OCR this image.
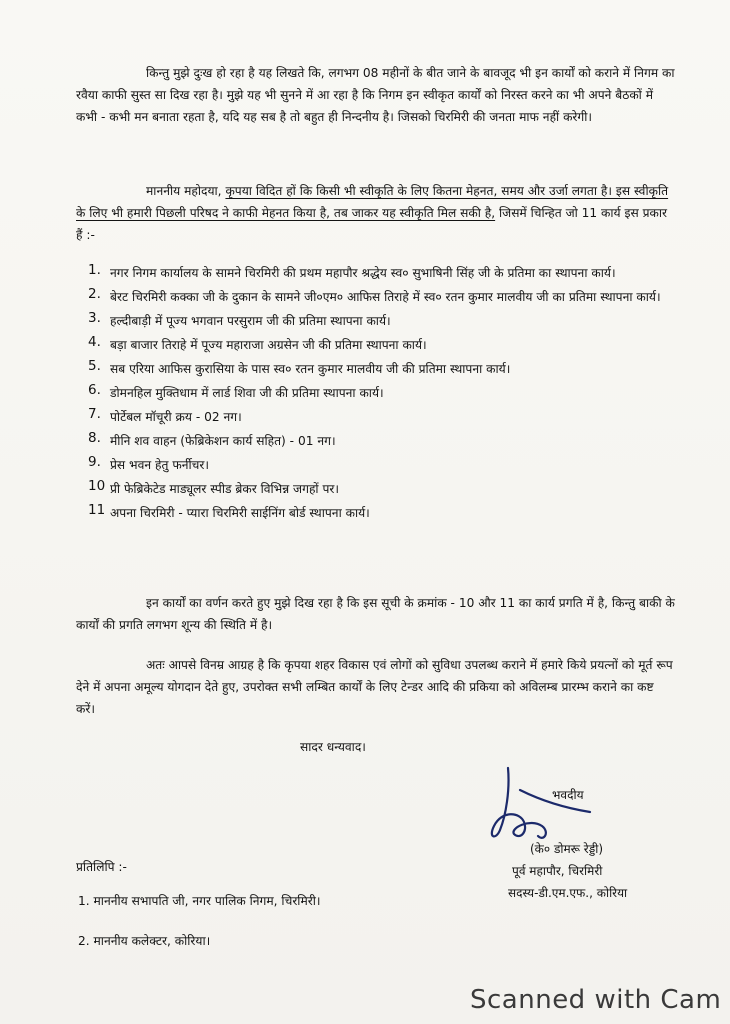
किन्तु मुझे दुःख हो रहा है यह लिखते कि, लगभग 08 महीनों के बीत जाने के बावजूद भी इन कार्यों को कराने में निगम का रवैया काफी सुस्त सा दिख रहा है। मुझे यह भी सुनने में आ रहा है कि निगम इन स्वीकृत कार्यों को निरस्त करने का भी अपने बैठकों में कभी - कभी मन बनाता रहता है, यदि यह सब है तो बहुत ही निन्दनीय है। जिसको चिरमिरी की जनता माफ नहीं करेगी।

माननीय महोदया, कृपया विदित हों कि किसी भी स्वीकृति के लिए कितना मेहनत, समय और उर्जा लगता है। इस स्वीकृति के लिए भी हमारी पिछली परिषद ने काफी मेहनत किया है, तब जाकर यह स्वीकृति मिल सकी है, जिसमें चिन्हित जो 11 कार्य इस प्रकार हैं :-

1. नगर निगम कार्यालय के सामने चिरमिरी की प्रथम महापौर श्रद्धेय स्व० सुभाषिनी सिंह जी के प्रतिमा का स्थापना कार्य।
2. बेरट चिरमिरी कक्का जी के दुकान के सामने जी०एम० आफिस तिराहे में स्व० रतन कुमार मालवीय जी का प्रतिमा स्थापना कार्य।
3. हल्दीबाड़ी में पूज्य भगवान परसुराम जी की प्रतिमा स्थापना कार्य।
4. बड़ा बाजार तिराहे में पूज्य महाराजा अग्रसेन जी की प्रतिमा स्थापना कार्य।
5. सब एरिया आफिस कुरासिया के पास स्व० रतन कुमार मालवीय जी की प्रतिमा स्थापना कार्य।
6. डोमनहिल मुक्तिधाम में लार्ड शिवा जी की प्रतिमा स्थापना कार्य।
7. पोर्टेबल मॉचूरी क्रय - 02 नग।
8. मीनि शव वाहन (फेब्रिकेशन कार्य सहित) - 01 नग।
9. प्रेस भवन हेतु फर्नीचर।
10 प्री फेब्रिकेटेड माड्यूलर स्पीड ब्रेकर विभिन्न जगहों पर।
11 अपना चिरमिरी - प्यारा चिरमिरी साईनिंग बोर्ड स्थापना कार्य।

इन कार्यों का वर्णन करते हुए मुझे दिख रहा है कि इस सूची के क्रमांक - 10 और 11 का कार्य प्रगति में है, किन्तु बाकी के कार्यों की प्रगति लगभग शून्य की स्थिति में है।

अतः आपसे विनम्र आग्रह है कि कृपया शहर विकास एवं लोगों को सुविधा उपलब्ध कराने में हमारे किये प्रयत्नों को मूर्त रूप देने में अपना अमूल्य योगदान देते हुए, उपरोक्त सभी लम्बित कार्यों के लिए टेन्डर आदि की प्रकिया को अविलम्ब प्रारम्भ कराने का कष्ट करें।

सादर धन्यवाद।

भवदीय
(के० डोमरू रेड्डी)
पूर्व महापौर, चिरमिरी
सदस्य-डी.एम.एफ., कोरिया
प्रतिलिपि :-
1. माननीय सभापति जी, नगर पालिक निगम, चिरमिरी।
2. माननीय कलेक्टर, कोरिया।
Scanned with Cam
